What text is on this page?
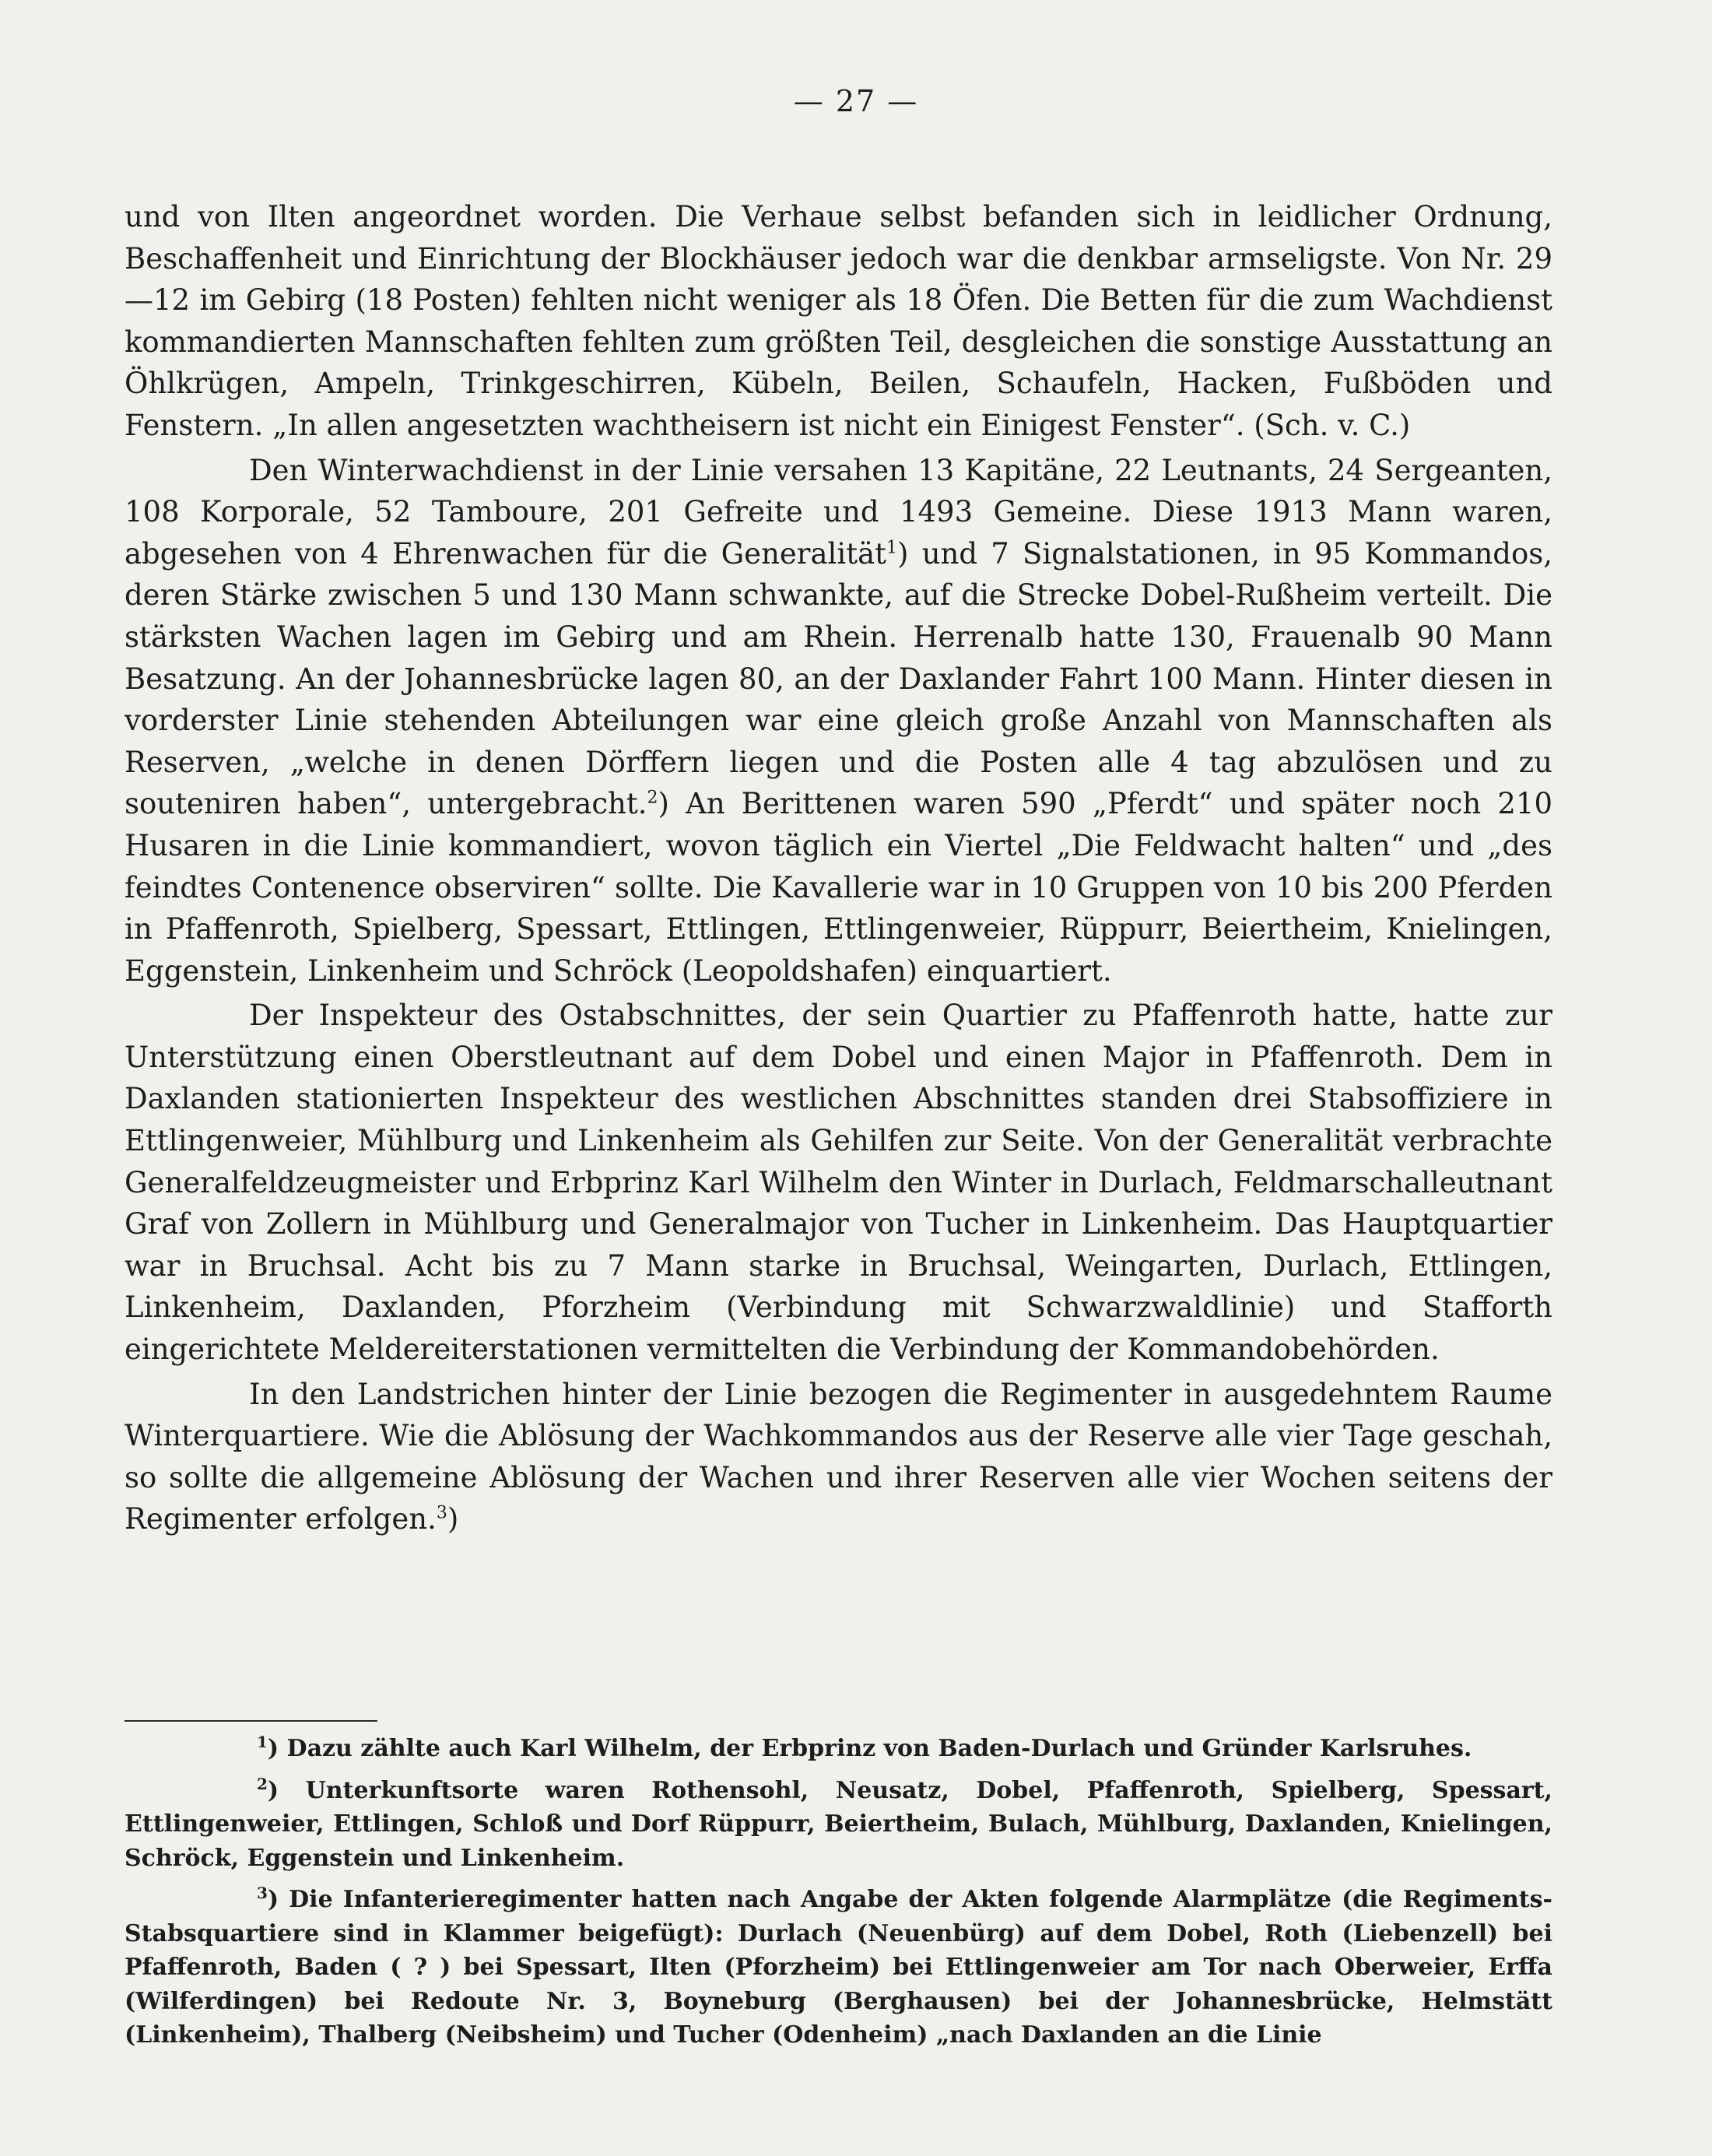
— 27 —

und von Ilten angeordnet worden. Die Verhaue selbst befanden sich in leidlicher Ordnung, Beschaffenheit und Einrichtung der Blockhäuser jedoch war die denkbar armseligste. Von Nr. 29—12 im Gebirg (18 Posten) fehlten nicht weniger als 18 Öfen. Die Betten für die zum Wachdienst kommandierten Mannschaften fehlten zum größten Teil, desgleichen die sonstige Ausstattung an Öhlkrügen, Ampeln, Trinkgeschirren, Kübeln, Beilen, Schaufeln, Hacken, Fußböden und Fenstern. „In allen angesetzten wachtheisern ist nicht ein Einigest Fenster“. (Sch. v. C.)

Den Winterwachdienst in der Linie versahen 13 Kapitäne, 22 Leutnants, 24 Sergeanten, 108 Korporale, 52 Tamboure, 201 Gefreite und 1493 Gemeine. Diese 1913 Mann waren, abgesehen von 4 Ehrenwachen für die Generalität$^1$) und 7 Signalstationen, in 95 Kommandos, deren Stärke zwischen 5 und 130 Mann schwankte, auf die Strecke Dobel-Rußheim verteilt. Die stärksten Wachen lagen im Gebirg und am Rhein. Herrenalb hatte 130, Frauenalb 90 Mann Besatzung. An der Johannesbrücke lagen 80, an der Daxlander Fahrt 100 Mann. Hinter diesen in vorderster Linie stehenden Abteilungen war eine gleich große Anzahl von Mannschaften als Reserven, „welche in denen Dörffern liegen und die Posten alle 4 tag abzulösen und zu souteniren haben“, untergebracht.$^2$) An Berittenen waren 590 „Pferdt“ und später noch 210 Husaren in die Linie kommandiert, wovon täglich ein Viertel „Die Feldwacht halten“ und „des feindtes Contenence observiren“ sollte. Die Kavallerie war in 10 Gruppen von 10 bis 200 Pferden in Pfaffenroth, Spielberg, Spessart, Ettlingen, Ettlingenweier, Rüppurr, Beiertheim, Knielingen, Eggenstein, Linkenheim und Schröck (Leopoldshafen) einquartiert.

Der Inspekteur des Ostabschnittes, der sein Quartier zu Pfaffenroth hatte, hatte zur Unterstützung einen Oberstleutnant auf dem Dobel und einen Major in Pfaffenroth. Dem in Daxlanden stationierten Inspekteur des westlichen Abschnittes standen drei Stabsoffiziere in Ettlingenweier, Mühlburg und Linkenheim als Gehilfen zur Seite. Von der Generalität verbrachte Generalfeldzeugmeister und Erbprinz Karl Wilhelm den Winter in Durlach, Feldmarschalleutnant Graf von Zollern in Mühlburg und Generalmajor von Tucher in Linkenheim. Das Hauptquartier war in Bruchsal. Acht bis zu 7 Mann starke in Bruchsal, Weingarten, Durlach, Ettlingen, Linkenheim, Daxlanden, Pforzheim (Verbindung mit Schwarzwaldlinie) und Stafforth eingerichtete Meldereiterstationen vermittelten die Verbindung der Kommandobehörden.

In den Landstrichen hinter der Linie bezogen die Regimenter in ausgedehntem Raume Winterquartiere. Wie die Ablösung der Wachkommandos aus der Reserve alle vier Tage geschah, so sollte die allgemeine Ablösung der Wachen und ihrer Reserven alle vier Wochen seitens der Regimenter erfolgen.$^3$)

$^1$) Dazu zählte auch Karl Wilhelm, der Erbprinz von Baden-Durlach und Gründer Karlsruhes.

$^2$) Unterkunftsorte waren Rothensohl, Neusatz, Dobel, Pfaffenroth, Spielberg, Spessart, Ettlingenweier, Ettlingen, Schloß und Dorf Rüppurr, Beiertheim, Bulach, Mühlburg, Daxlanden, Knielingen, Schröck, Eggenstein und Linkenheim.

$^3$) Die Infanterieregimenter hatten nach Angabe der Akten folgende Alarmplätze (die Regiments-Stabsquartiere sind in Klammer beigefügt): Durlach (Neuenbürg) auf dem Dobel, Roth (Liebenzell) bei Pfaffenroth, Baden ( ? ) bei Spessart, Ilten (Pforzheim) bei Ettlingenweier am Tor nach Oberweier, Erffa (Wilferdingen) bei Redoute Nr. 3, Boyneburg (Berghausen) bei der Johannesbrücke, Helmstätt (Linkenheim), Thalberg (Neibsheim) und Tucher (Odenheim) „nach Daxlanden an die Linie
